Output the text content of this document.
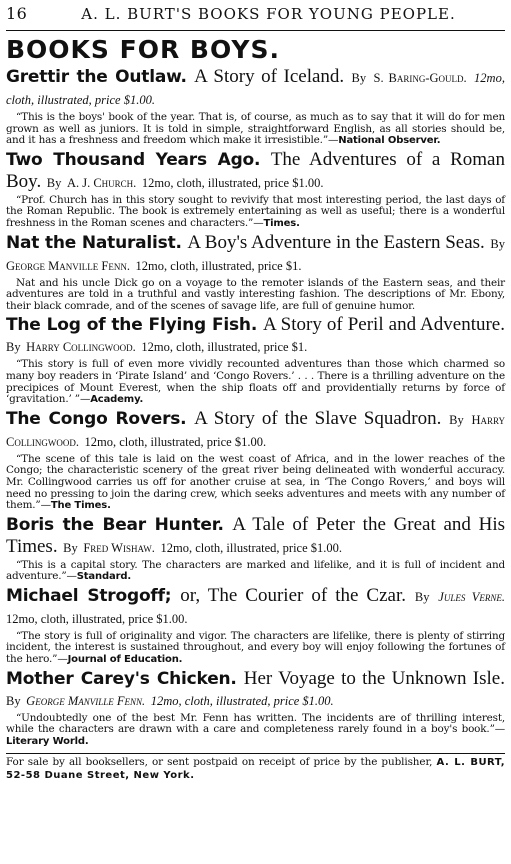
16	A. L. BURT'S BOOKS FOR YOUNG PEOPLE.
BOOKS FOR BOYS.
Grettir the Outlaw. A Story of Iceland. By S. Baring-Gould. 12mo, cloth, illustrated, price $1.00.
“This is the boys' book of the year. That is, of course, as much as to say that it will do for men grown as well as juniors. It is told in simple, straightforward English, as all stories should be, and it has a freshness and freedom which make it irresistible.”—National Observer.
Two Thousand Years Ago. The Adventures of a Roman Boy. By A. J. Church. 12mo, cloth, illustrated, price $1.00.
“Prof. Church has in this story sought to revivify that most interesting period, the last days of the Roman Republic. The book is extremely entertaining as well as useful; there is a wonderful freshness in the Roman scenes and characters.”—Times.
Nat the Naturalist. A Boy's Adventure in the Eastern Seas. By George Manville Fenn. 12mo, cloth, illustrated, price $1.
Nat and his uncle Dick go on a voyage to the remoter islands of the Eastern seas, and their adventures are told in a truthful and vastly interesting fashion. The descriptions of Mr. Ebony, their black comrade, and of the scenes of savage life, are full of genuine humor.
The Log of the Flying Fish. A Story of Peril and Adventure. By Harry Collingwood. 12mo, cloth, illustrated, price $1.
“This story is full of even more vividly recounted adventures than those which charmed so many boy readers in ‘Pirate Island’ and ‘Congo Rovers.’ . . . There is a thrilling adventure on the precipices of Mount Everest, when the ship floats off and providentially returns by force of ‘gravitation.’ ”—Academy.
The Congo Rovers. A Story of the Slave Squadron. By Harry Collingwood. 12mo, cloth, illustrated, price $1.00.
“The scene of this tale is laid on the west coast of Africa, and in the lower reaches of the Congo; the characteristic scenery of the great river being delineated with wonderful accuracy. Mr. Collingwood carries us off for another cruise at sea, in ‘The Congo Rovers,’ and boys will need no pressing to join the daring crew, which seeks adventures and meets with any number of them.”—The Times.
Boris the Bear Hunter. A Tale of Peter the Great and His Times. By Fred Wishaw. 12mo, cloth, illustrated, price $1.00.
“This is a capital story. The characters are marked and lifelike, and it is full of incident and adventure.”—Standard.
Michael Strogoff; or, The Courier of the Czar. By Jules Verne. 12mo, cloth, illustrated, price $1.00.
“The story is full of originality and vigor. The characters are lifelike, there is plenty of stirring incident, the interest is sustained throughout, and every boy will enjoy following the fortunes of the hero.”—Journal of Education.
Mother Carey's Chicken. Her Voyage to the Unknown Isle. By George Manville Fenn. 12mo, cloth, illustrated, price $1.00.
“Undoubtedly one of the best Mr. Fenn has written. The incidents are of thrilling interest, while the characters are drawn with a care and completeness rarely found in a boy's book.”—Literary World.
For sale by all booksellers, or sent postpaid on receipt of price by the publisher, A. L. BURT, 52-58 Duane Street, New York.
